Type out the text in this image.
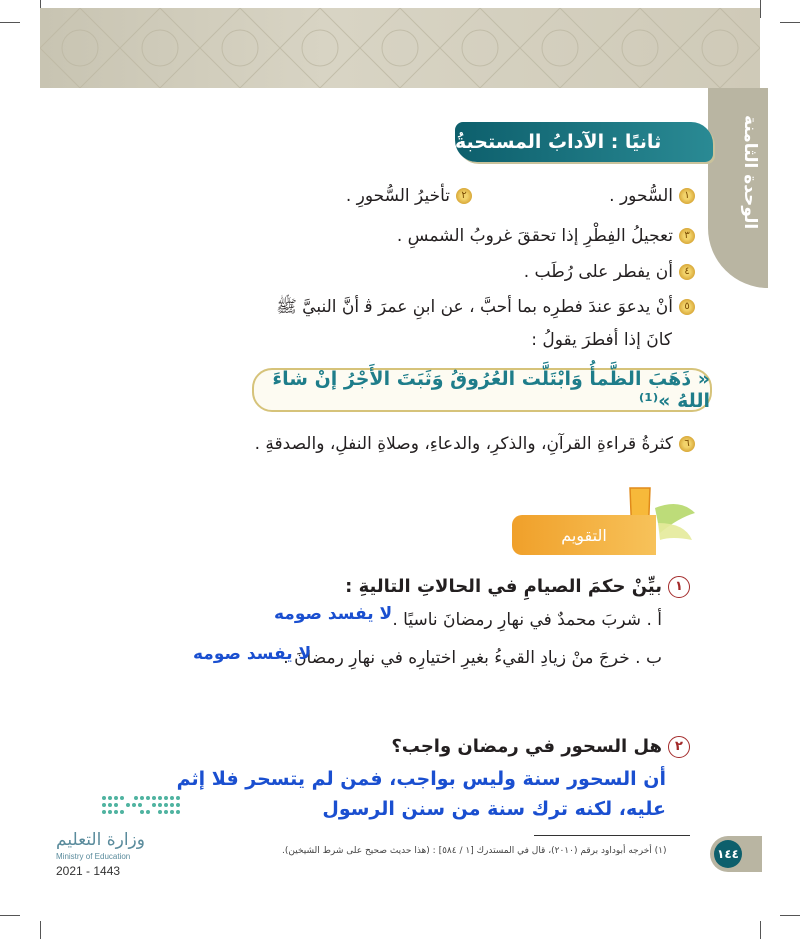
الوحدة الثامنة
ثانيًا : الآدابُ المستحبةُ
١السُّحور .
٢تأخيرُ السُّحورِ .
٣تعجيلُ الفِطْرِ إذا تحققَ غروبُ الشمسِ .
٤أن يفطر على رُطَب .
٥أنْ يدعوَ عندَ فطرِه بما أحبَّ ، عن ابنِ عمرَ ﭬ أنَّ النبيَّ ﷺ
كانَ إذا أفطرَ يقولُ :
« ذَهَبَ الظَّمأُ وَابْتَلَّت العُرُوقُ وَثَبَتَ الأَجْرُ إنْ شاءَ اللهُ »⁽¹⁾
٦كثرةُ قراءةِ القرآنِ، والذكرِ، والدعاءِ، وصلاةِ النفلِ، والصدقةِ .
التقويم
١بيِّنْ حكمَ الصيامِ في الحالاتِ التاليةِ :
أ . شربَ محمدٌ في نهارِ رمضانَ ناسيًا .
لا يفسد صومه
ب . خرجَ منْ زيادِ القيءُ بغيرِ اختيارِه في نهارِ رمضانَ .
لا يفسد صومه
٢هل السحور في رمضان واجب؟
أن السحور سنة وليس بواجب، فمن لم يتسحر فلا إثم
عليه، لكنه ترك سنة من سنن الرسول
(١) أخرجه أبوداود برقم (٢٠١٠)، قال في المستدرك [١ / ٥٨٤] : (هذا حديث صحيح على شرط الشيخين).	١٤٤
وزارة التعليم
Ministry of Education
2021 - 1443
